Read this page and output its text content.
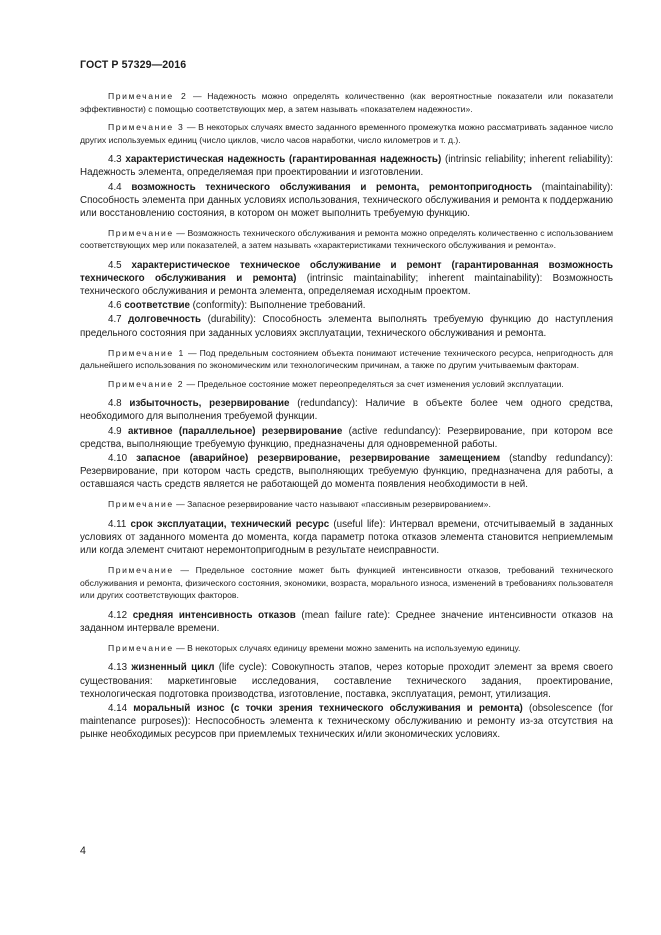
ГОСТ Р 57329—2016

Примечание 2 — Надежность можно определять количественно (как вероятностные показатели или показатели эффективности) с помощью соответствующих мер, а затем называть «показателем надежности».

Примечание 3 — В некоторых случаях вместо заданного временного промежутка можно рассматривать заданное число других используемых единиц (число циклов, число часов наработки, число километров и т. д.).

4.3 характеристическая надежность (гарантированная надежность) (intrinsic reliability; inherent reliability): Надежность элемента, определяемая при проектировании и изготовлении.

4.4 возможность технического обслуживания и ремонта, ремонтопригодность (maintainability): Способность элемента при данных условиях использования, технического обслуживания и ремонта к поддержанию или восстановлению состояния, в котором он может выполнить требуемую функцию.

Примечание — Возможность технического обслуживания и ремонта можно определять количественно с использованием соответствующих мер или показателей, а затем называть «характеристиками технического обслуживания и ремонта».

4.5 характеристическое техническое обслуживание и ремонт (гарантированная возможность технического обслуживания и ремонта) (intrinsic maintainability; inherent maintainability): Возможность технического обслуживания и ремонта элемента, определяемая исходным проектом.

4.6 соответствие (conformity): Выполнение требований.

4.7 долговечность (durability): Способность элемента выполнять требуемую функцию до наступления предельного состояния при заданных условиях эксплуатации, технического обслуживания и ремонта.

Примечание 1 — Под предельным состоянием объекта понимают истечение технического ресурса, непригодность для дальнейшего использования по экономическим или технологическим причинам, а также по другим учитываемым факторам.

Примечание 2 — Предельное состояние может переопределяться за счет изменения условий эксплуатации.

4.8 избыточность, резервирование (redundancy): Наличие в объекте более чем одного средства, необходимого для выполнения требуемой функции.

4.9 активное (параллельное) резервирование (active redundancy): Резервирование, при котором все средства, выполняющие требуемую функцию, предназначены для одновременной работы.

4.10 запасное (аварийное) резервирование, резервирование замещением (standby redundancy): Резервирование, при котором часть средств, выполняющих требуемую функцию, предназначена для работы, а оставшаяся часть средств является не работающей до момента появления необходимости в ней.

Примечание — Запасное резервирование часто называют «пассивным резервированием».

4.11 срок эксплуатации, технический ресурс (useful life): Интервал времени, отсчитываемый в заданных условиях от заданного момента до момента, когда параметр потока отказов элемента становится неприемлемым или когда элемент считают неремонтопригодным в результате неисправности.

Примечание — Предельное состояние может быть функцией интенсивности отказов, требований технического обслуживания и ремонта, физического состояния, экономики, возраста, морального износа, изменений в требованиях пользователя или других соответствующих факторов.

4.12 средняя интенсивность отказов (mean failure rate): Среднее значение интенсивности отказов на заданном интервале времени.

Примечание — В некоторых случаях единицу времени можно заменить на используемую единицу.

4.13 жизненный цикл (life cycle): Совокупность этапов, через которые проходит элемент за время своего существования: маркетинговые исследования, составление технического задания, проектирование, технологическая подготовка производства, изготовление, поставка, эксплуатация, ремонт, утилизация.

4.14 моральный износ (с точки зрения технического обслуживания и ремонта) (obsolescence (for maintenance purposes)): Неспособность элемента к техническому обслуживанию и ремонту из-за отсутствия на рынке необходимых ресурсов при приемлемых технических и/или экономических условиях.

4
